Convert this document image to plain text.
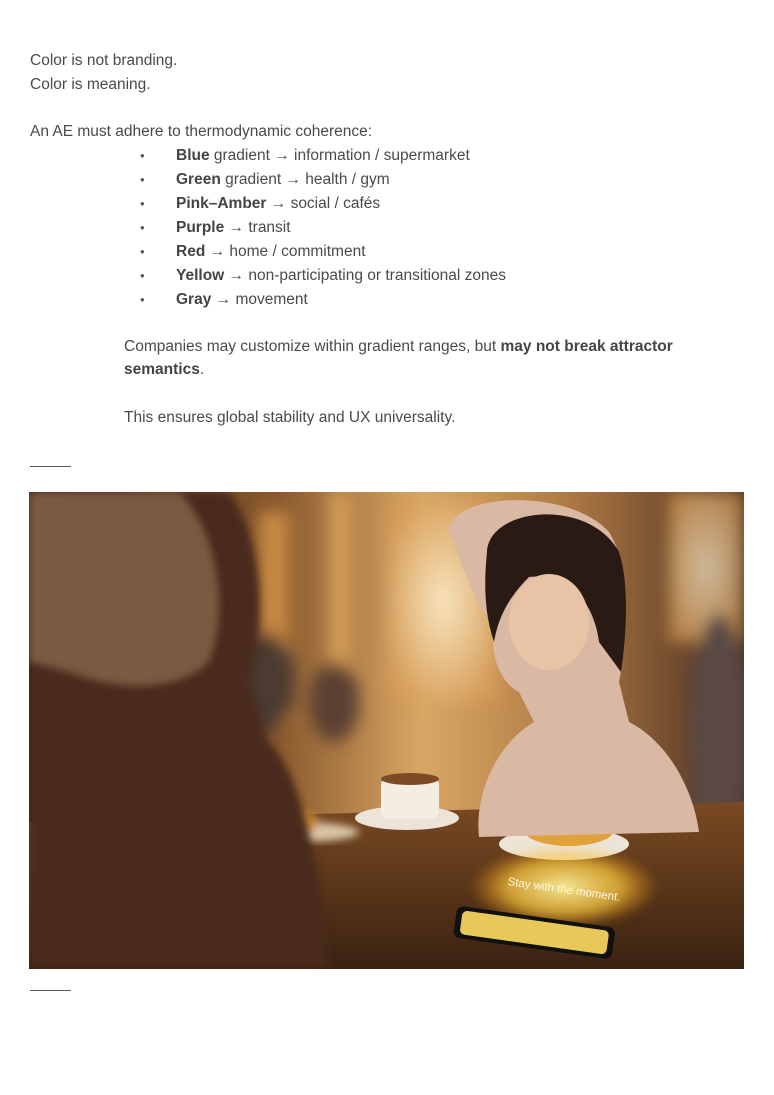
Color is not branding.

Color is meaning.

An AE must adhere to thermodynamic coherence:

• Blue gradient → information / supermarket
• Green gradient → health / gym
• Pink–Amber → social / cafés
• Purple → transit
• Red → home / commitment
• Yellow → non-participating or transitional zones
• Gray → movement

Companies may customize within gradient ranges, but may not break attractor semantics.

This ensures global stability and UX universality.

Stay with the moment.
